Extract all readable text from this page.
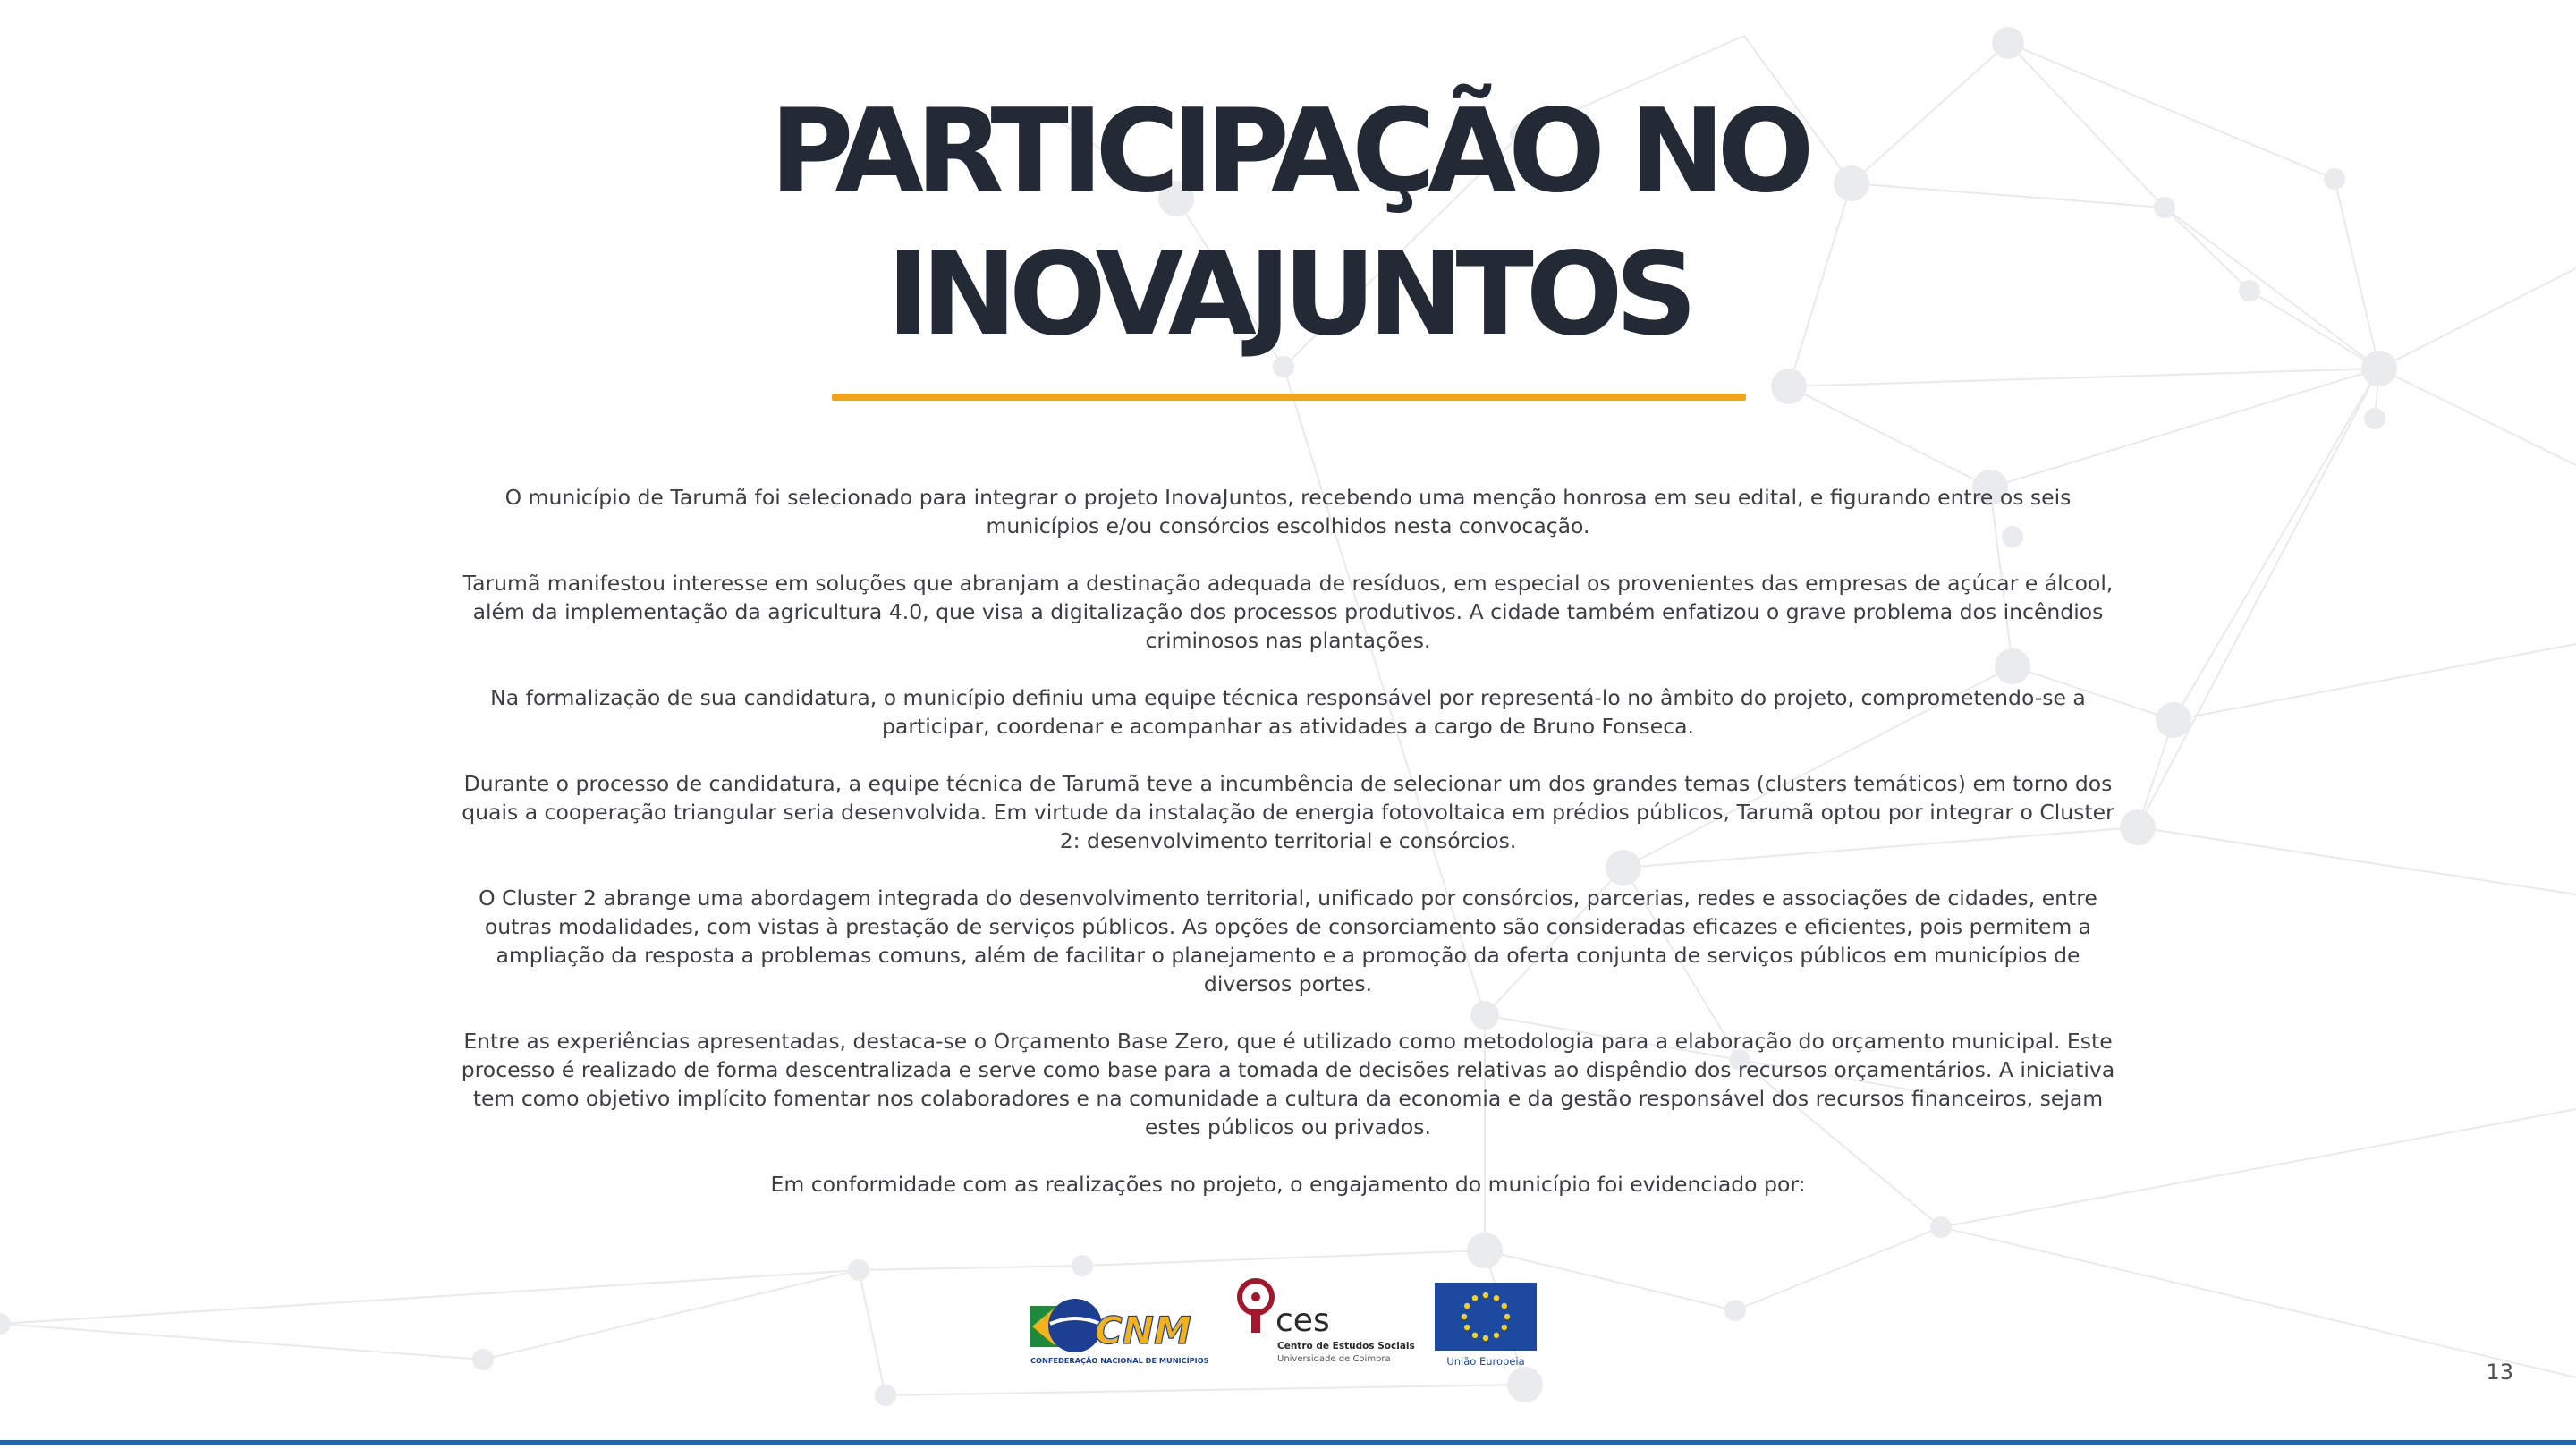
PARTICIPAÇÃO NO INOVAJUNTOS

O município de Tarumã foi selecionado para integrar o projeto InovaJuntos, recebendo uma menção honrosa em seu edital, e figurando entre os seis municípios e/ou consórcios escolhidos nesta convocação.

Tarumã manifestou interesse em soluções que abranjam a destinação adequada de resíduos, em especial os provenientes das empresas de açúcar e álcool, além da implementação da agricultura 4.0, que visa a digitalização dos processos produtivos. A cidade também enfatizou o grave problema dos incêndios criminosos nas plantações.

Na formalização de sua candidatura, o município definiu uma equipe técnica responsável por representá-lo no âmbito do projeto, comprometendo-se a participar, coordenar e acompanhar as atividades a cargo de Bruno Fonseca.

Durante o processo de candidatura, a equipe técnica de Tarumã teve a incumbência de selecionar um dos grandes temas (clusters temáticos) em torno dos quais a cooperação triangular seria desenvolvida. Em virtude da instalação de energia fotovoltaica em prédios públicos, Tarumã optou por integrar o Cluster 2: desenvolvimento territorial e consórcios.

O Cluster 2 abrange uma abordagem integrada do desenvolvimento territorial, unificado por consórcios, parcerias, redes e associações de cidades, entre outras modalidades, com vistas à prestação de serviços públicos. As opções de consorciamento são consideradas eficazes e eficientes, pois permitem a ampliação da resposta a problemas comuns, além de facilitar o planejamento e a promoção da oferta conjunta de serviços públicos em municípios de diversos portes.

Entre as experiências apresentadas, destaca-se o Orçamento Base Zero, que é utilizado como metodologia para a elaboração do orçamento municipal. Este processo é realizado de forma descentralizada e serve como base para a tomada de decisões relativas ao dispêndio dos recursos orçamentários. A iniciativa tem como objetivo implícito fomentar nos colaboradores e na comunidade a cultura da economia e da gestão responsável dos recursos financeiros, sejam estes públicos ou privados.

Em conformidade com as realizações no projeto, o engajamento do município foi evidenciado por:

CNM
CONFEDERAÇÃO NACIONAL DE MUNICÍPIOS
ces
Centro de Estudos Sociais
Universidade de Coimbra	União Europeia	13
